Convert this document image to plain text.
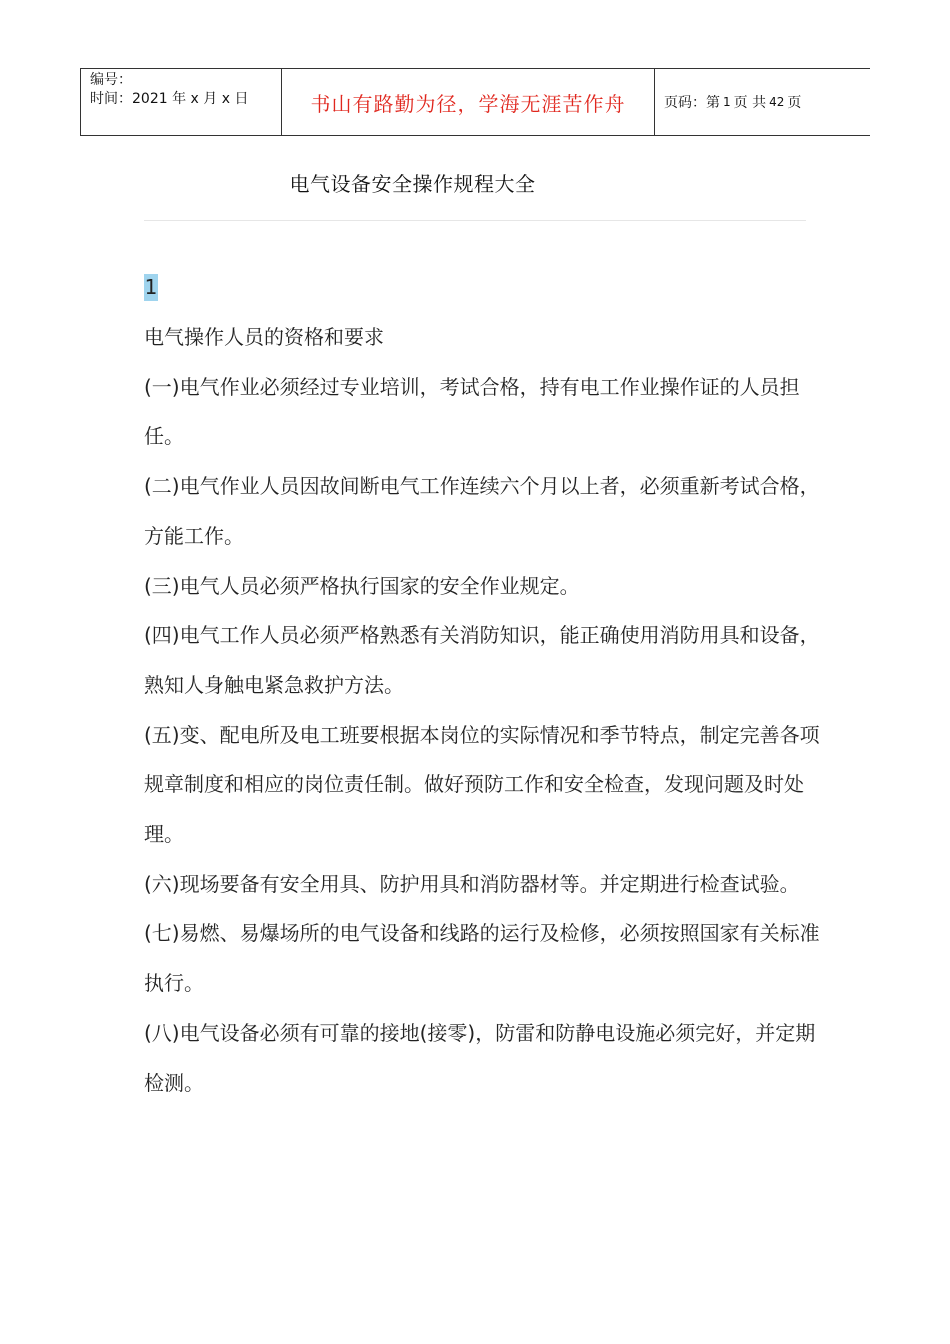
编号：
时间：2021 年 x 月 x 日	书山有路勤为径，学海无涯苦作舟	页码：第 1 页 共 42 页
电气设备安全操作规程大全
1

电气操作人员的资格和要求

(一)电气作业必须经过专业培训，考试合格，持有电工作业操作证的人员担任。

(二)电气作业人员因故间断电气工作连续六个月以上者，必须重新考试合格，方能工作。

(三)电气人员必须严格执行国家的安全作业规定。

(四)电气工作人员必须严格熟悉有关消防知识，能正确使用消防用具和设备，熟知人身触电紧急救护方法。

(五)变、配电所及电工班要根据本岗位的实际情况和季节特点，制定完善各项规章制度和相应的岗位责任制。做好预防工作和安全检查，发现问题及时处理。

(六)现场要备有安全用具、防护用具和消防器材等。并定期进行检查试验。

(七)易燃、易爆场所的电气设备和线路的运行及检修，必须按照国家有关标准执行。

(八)电气设备必须有可靠的接地(接零)，防雷和防静电设施必须完好，并定期检测。
